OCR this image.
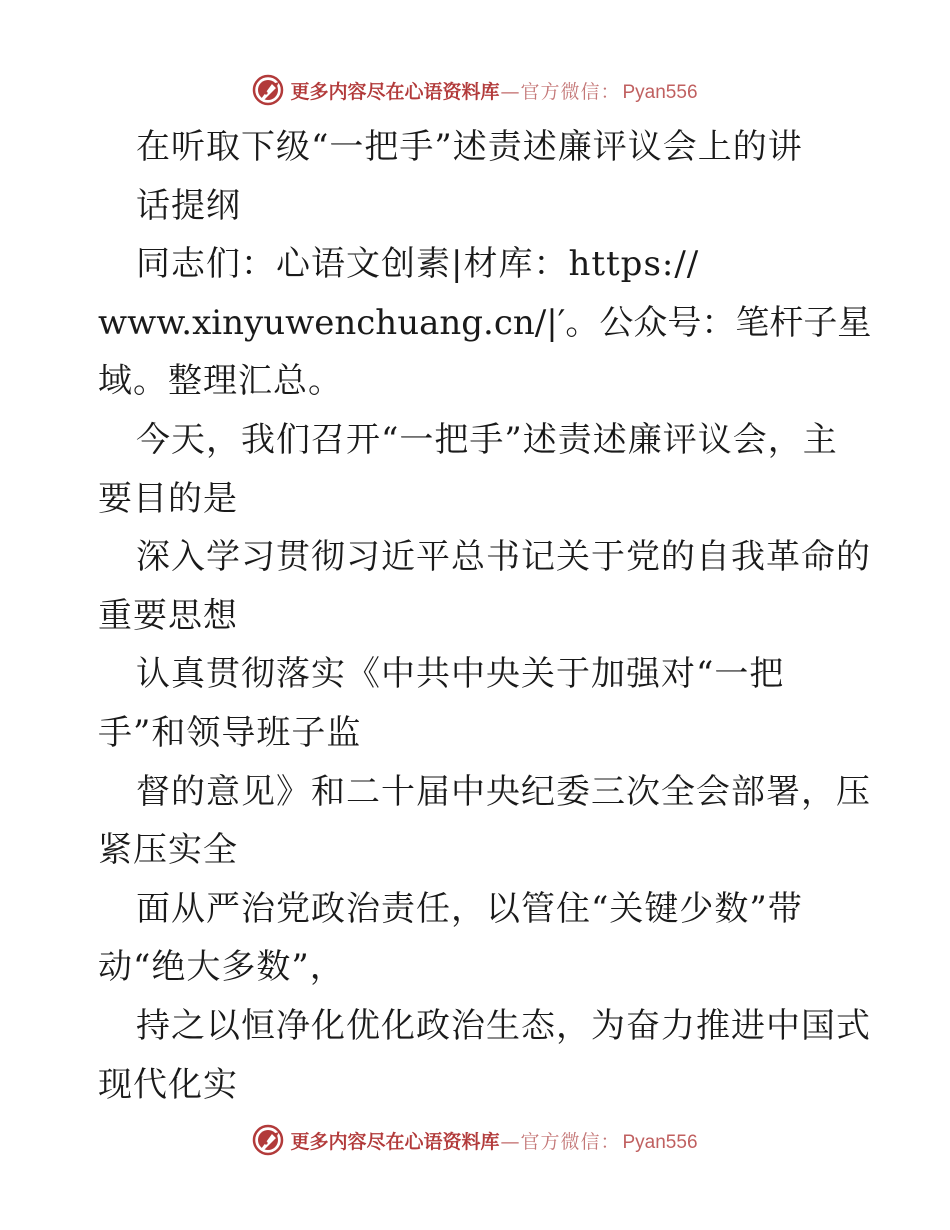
更多内容尽在心语资料库 — 官方微信： Pyan556
在听取下级“一把手”述责述廉评议会上的讲
话提纲
同志们：心语文创素|材库：https://
www.xinyuwenchuang.cn/|′。公众号：笔杆子星
域。整理汇总。
今天，我们召开“一把手”述责述廉评议会，主
要目的是
深入学习贯彻习近平总书记关于党的自我革命的
重要思想
认真贯彻落实《中共中央关于加强对“一把
手”和领导班子监
督的意见》和二十届中央纪委三次全会部署，压
紧压实全
面从严治党政治责任，以管住“关键少数”带
动“绝大多数”，
持之以恒净化优化政治生态，为奋力推进中国式
现代化实
更多内容尽在心语资料库 — 官方微信： Pyan556
